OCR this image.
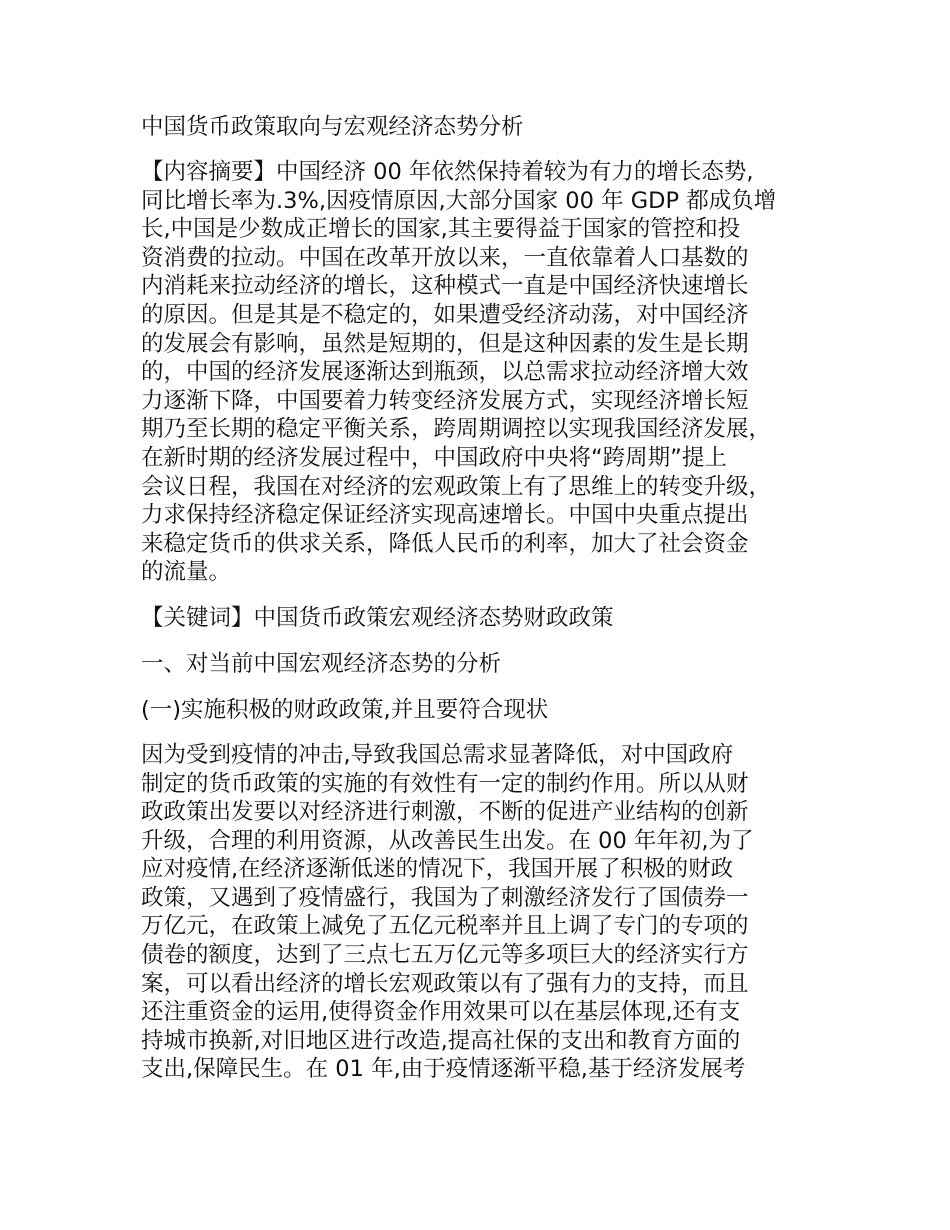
中国货币政策取向与宏观经济态势分析

【内容摘要】中国经济 00 年依然保持着较为有力的增长态势,
同比增长率为.3%,因疫情原因,大部分国家 00 年 GDP 都成负增
长,中国是少数成正增长的国家,其主要得益于国家的管控和投
资消费的拉动。中国在改革开放以来，一直依靠着人口基数的
内消耗来拉动经济的增长，这种模式一直是中国经济快速增长
的原因。但是其是不稳定的，如果遭受经济动荡，对中国经济
的发展会有影响，虽然是短期的，但是这种因素的发生是长期
的，中国的经济发展逐渐达到瓶颈，以总需求拉动经济增大效
力逐渐下降，中国要着力转变经济发展方式，实现经济增长短
期乃至长期的稳定平衡关系，跨周期调控以实现我国经济发展，
在新时期的经济发展过程中，中国政府中央将“跨周期”提上
会议日程，我国在对经济的宏观政策上有了思维上的转变升级，
力求保持经济稳定保证经济实现高速增长。中国中央重点提出
来稳定货币的供求关系，降低人民币的利率，加大了社会资金
的流量。

【关键词】中国货币政策宏观经济态势财政政策

一、对当前中国宏观经济态势的分析

(一)实施积极的财政政策,并且要符合现状

因为受到疫情的冲击,导致我国总需求显著降低，对中国政府
制定的货币政策的实施的有效性有一定的制约作用。所以从财
政政策出发要以对经济进行刺激，不断的促进产业结构的创新
升级，合理的利用资源，从改善民生出发。在 00 年年初,为了
应对疫情,在经济逐渐低迷的情况下，我国开展了积极的财政
政策，又遇到了疫情盛行，我国为了刺激经济发行了国债券一
万亿元，在政策上减免了五亿元税率并且上调了专门的专项的
债卷的额度，达到了三点七五万亿元等多项巨大的经济实行方
案，可以看出经济的增长宏观政策以有了强有力的支持，而且
还注重资金的运用,使得资金作用效果可以在基层体现,还有支
持城市换新,对旧地区进行改造,提高社保的支出和教育方面的
支出,保障民生。在 01 年,由于疫情逐渐平稳,基于经济发展考
